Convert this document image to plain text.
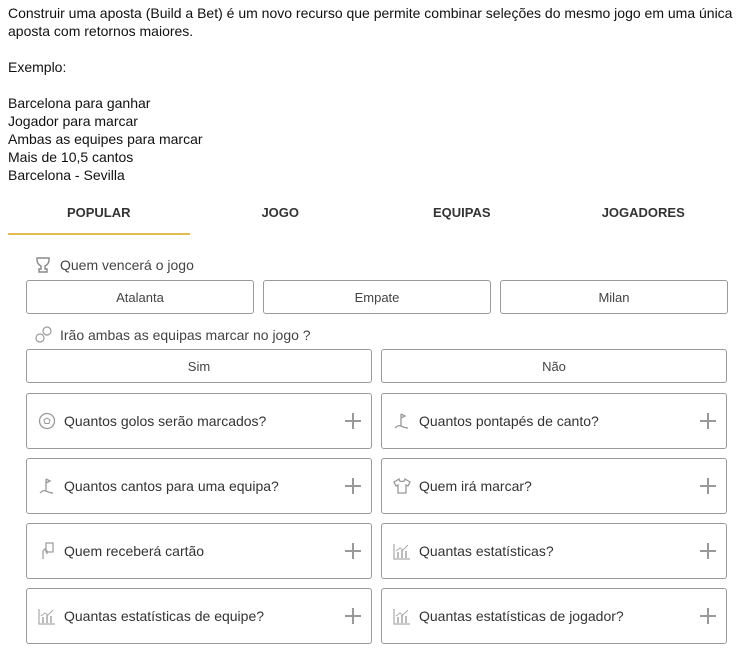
Construir uma aposta (Build a Bet) é um novo recurso que permite combinar seleções do mesmo jogo em uma única aposta com retornos maiores.

Exemplo:

Barcelona para ganhar

Jogador para marcar

Ambas as equipes para marcar

Mais de 10,5 cantos

Barcelona - Sevilla

POPULAR	JOGO	EQUIPAS	JOGADORES
Quem vencerá o jogo
Atalanta	Empate	Milan
Irão ambas as equipas marcar no jogo ?
Sim	Não
Quantos golos serão marcados?	Quantos pontapés de canto?
Quantos cantos para uma equipa?	Quem irá marcar?
Quem receberá cartão	Quantas estatísticas?
Quantas estatísticas de equipe?	Quantas estatísticas de jogador?
